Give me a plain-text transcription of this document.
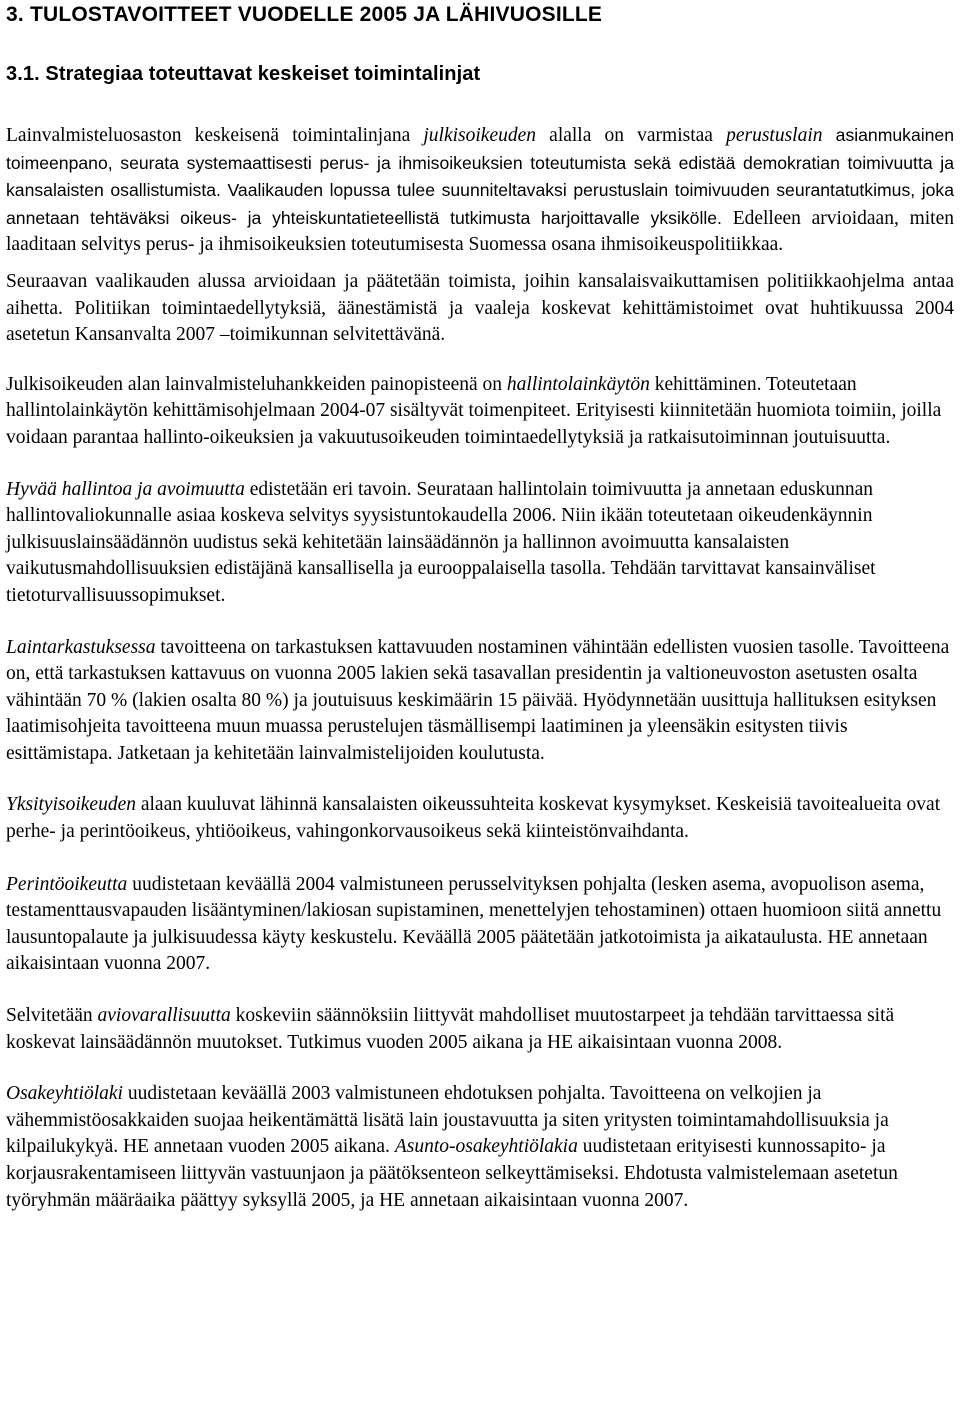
3. TULOSTAVOITTEET VUODELLE 2005 JA LÄHIVUOSILLE
3.1. Strategiaa toteuttavat keskeiset toimintalinjat

Lainvalmisteluosaston keskeisenä toimintalinjana julkisoikeuden alalla on varmistaa perustuslain asianmukainen toimeenpano, seurata systemaattisesti perus- ja ihmisoikeuksien toteutumista sekä edistää demokratian toimivuutta ja kansalaisten osallistumista. Vaalikauden lopussa tulee suunniteltavaksi perustuslain toimivuuden seurantatutkimus, joka annetaan tehtäväksi oikeus- ja yhteiskuntatieteellistä tutkimusta harjoittavalle yksikölle. Edelleen arvioidaan, miten laaditaan selvitys perus- ja ihmisoikeuksien toteutumisesta Suomessa osana ihmisoikeuspolitiikkaa.

Seuraavan vaalikauden alussa arvioidaan ja päätetään toimista, joihin kansalaisvaikuttamisen politiikkaohjelma antaa aihetta. Politiikan toimintaedellytyksiä, äänestämistä ja vaaleja koskevat kehittämistoimet ovat huhtikuussa 2004 asetetun Kansanvalta 2007 –toimikunnan selvitettävänä.

Julkisoikeuden alan lainvalmisteluhankkeiden painopisteenä on hallintolainkäytön kehittäminen. Toteutetaan hallintolainkäytön kehittämisohjelmaan 2004-07 sisältyvät toimenpiteet. Erityisesti kiinnitetään huomiota toimiin, joilla voidaan parantaa hallinto-oikeuksien ja vakuutusoikeuden toimintaedellytyksiä ja ratkaisutoiminnan joutuisuutta.

Hyvää hallintoa ja avoimuutta edistetään eri tavoin. Seurataan hallintolain toimivuutta ja annetaan eduskunnan hallintovaliokunnalle asiaa koskeva selvitys syysistuntokaudella 2006. Niin ikään toteutetaan oikeudenkäynnin julkisuuslainsäädännön uudistus sekä kehitetään lainsäädännön ja hallinnon avoimuutta kansalaisten vaikutusmahdollisuuksien edistäjänä kansallisella ja eurooppalaisella tasolla. Tehdään tarvittavat kansainväliset tietoturvallisuussopimukset.

Laintarkastuksessa tavoitteena on tarkastuksen kattavuuden nostaminen vähintään edellisten vuosien tasolle. Tavoitteena on, että tarkastuksen kattavuus on vuonna 2005 lakien sekä tasavallan presidentin ja valtioneuvoston asetusten osalta vähintään 70 % (lakien osalta 80 %) ja joutuisuus keskimäärin 15 päivää. Hyödynnetään uusittuja hallituksen esityksen laatimisohjeita tavoitteena muun muassa perustelujen täsmällisempi laatiminen ja yleensäkin esitysten tiivis esittämistapa. Jatketaan ja kehitetään lainvalmistelijoiden koulutusta.

Yksityisoikeuden alaan kuuluvat lähinnä kansalaisten oikeussuhteita koskevat kysymykset. Keskeisiä tavoitealueita ovat perhe- ja perintöoikeus, yhtiöoikeus, vahingonkorvausoikeus sekä kiinteistönvaihdanta.

Perintöoikeutta uudistetaan keväällä 2004 valmistuneen perusselvityksen pohjalta (lesken asema, avopuolison asema, testamenttausvapauden lisääntyminen/lakiosan supistaminen, menettelyjen tehostaminen) ottaen huomioon siitä annettu lausuntopalaute ja julkisuudessa käyty keskustelu. Keväällä 2005 päätetään jatkotoimista ja aikataulusta. HE annetaan aikaisintaan vuonna 2007.

Selvitetään aviovarallisuutta koskeviin säännöksiin liittyvät mahdolliset muutostarpeet ja tehdään tarvittaessa sitä koskevat lainsäädännön muutokset. Tutkimus vuoden 2005 aikana ja HE aikaisintaan vuonna 2008.

Osakeyhtiölaki uudistetaan keväällä 2003 valmistuneen ehdotuksen pohjalta. Tavoitteena on velkojien ja vähemmistöosakkaiden suojaa heikentämättä lisätä lain joustavuutta ja siten yritysten toimintamahdollisuuksia ja kilpailukykyä. HE annetaan vuoden 2005 aikana. Asunto-osakeyhtiölakia uudistetaan erityisesti kunnossapito- ja korjausrakentamiseen liittyvän vastuunjaon ja päätöksenteon selkeyttämiseksi. Ehdotusta valmistelemaan asetetun työryhmän määräaika päättyy syksyllä 2005, ja HE annetaan aikaisintaan vuonna 2007.
